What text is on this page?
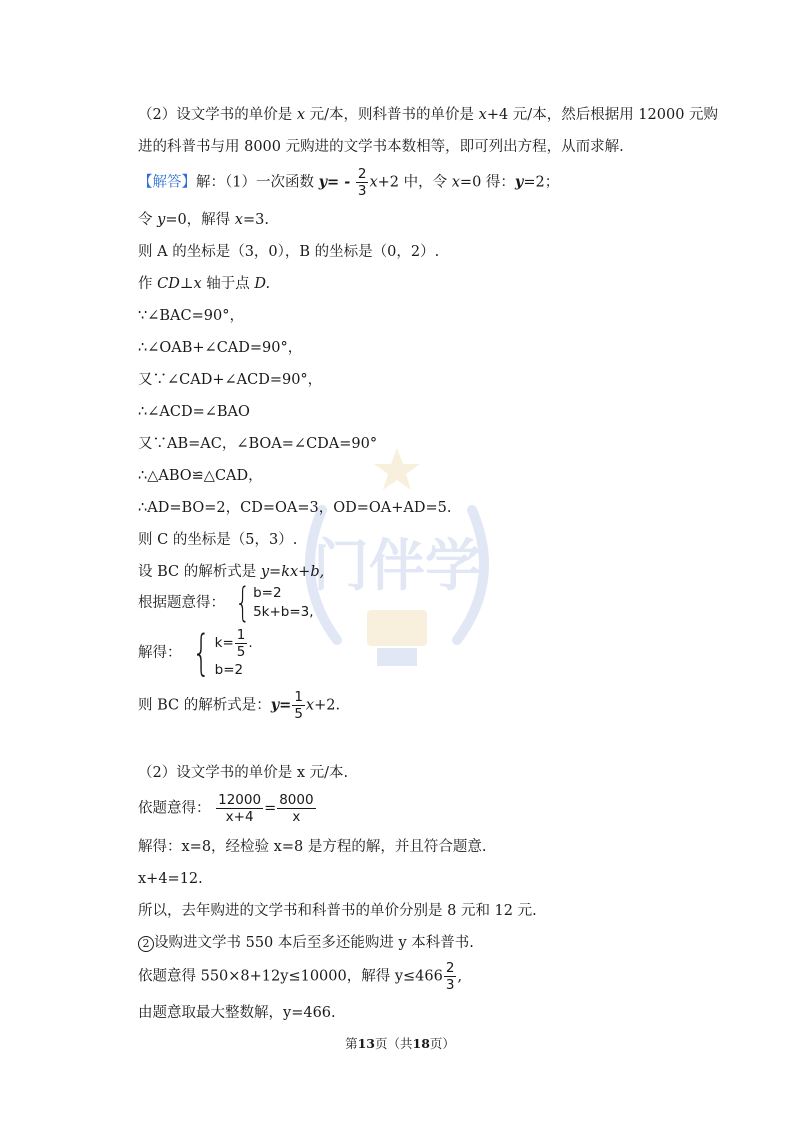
门伴学
（2）设文学书的单价是 x 元/本，则科普书的单价是 x+4 元/本，然后根据用 12000 元购
进的科普书与用 8000 元购进的文学书本数相等，即可列出方程，从而求解.
【解答】解：（1）一次函数 $y= - \frac{2}{3} x+2$ 中，令 x=0 得：y=2；
令 y=0，解得 x=3.
则 A 的坐标是（3，0），B 的坐标是（0，2）.
作 CD⊥x 轴于点 D.
∵∠BAC=90°，
∴∠OAB+∠CAD=90°，
又∵∠CAD+∠ACD=90°，
∴∠ACD=∠BAO
又∵AB=AC，∠BOA=∠CDA=90°
∴△ABO≌△CAD，
∴AD=BO=2，CD=OA=3，OD=OA+AD=5.
则 C 的坐标是（5，3）.
设 BC 的解析式是 y=kx+b,
根据题意得： { b=2
5k+b=3 ,
解得： { $k= \frac{1}{5}$ .
b=2
则 BC 的解析式是：$y= \frac{1}{5} x+2$.
（2）设文学书的单价是 x 元/本.
依题意得： $\frac{12000}{x+4} = \frac{8000}{x}$
解得：x=8，经检验 x=8 是方程的解，并且符合题意.
x+4=12.
所以，去年购进的文学书和科普书的单价分别是 8 元和 12 元.
2 设购进文学书 550 本后至多还能购进 y 本科普书.
依题意得 550×8+12y≤10000，解得 $y\le 466 \frac{2}{3}$ ,
由题意取最大整数解，y=466.
第13页（共18页）
